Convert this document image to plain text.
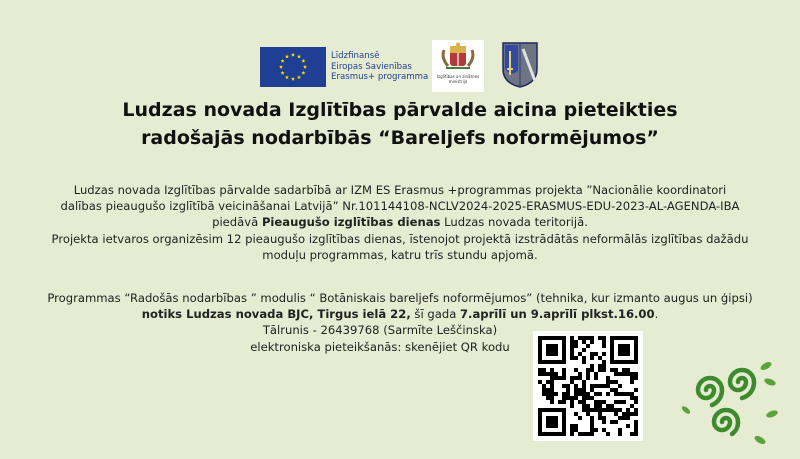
Līdzfinansē
Eiropas Savienības
Erasmus+ programma	Izglītības un zinātnes ministrija
Ludzas novada Izglītības pārvalde aicina pieteikties
radošajās nodarbībās “Bareljefs noformējumos”

Ludzas novada Izglītības pārvalde sadarbībā ar IZM ES Erasmus +programmas projekta ”Nacionālie koordinatori

dalības pieaugušo izglītībā veicināšanai Latvijā” Nr.101144108-NCLV2024-2025-ERASMUS-EDU-2023-AL-AGENDA-IBA

piedāvā Pieaugušo izglītības dienas Ludzas novada teritorijā.

Projekta ietvaros organizēsim 12 pieaugušo izglītības dienas, īstenojot projektā izstrādātās neformālās izglītības dažādu

moduļu programmas, katru trīs stundu apjomā.

Programmas “Radošās nodarbības ” modulis “ Botāniskais bareljefs noformējumos” (tehnika, kur izmanto augus un ģipsi)

notiks Ludzas novada BJC, Tirgus ielā 22, šī gada 7.aprīlī un 9.aprīlī plkst.16.00.

Tālrunis - 26439768 (Sarmīte Leščinska)

elektroniska pieteikšanās: skenējiet QR kodu
